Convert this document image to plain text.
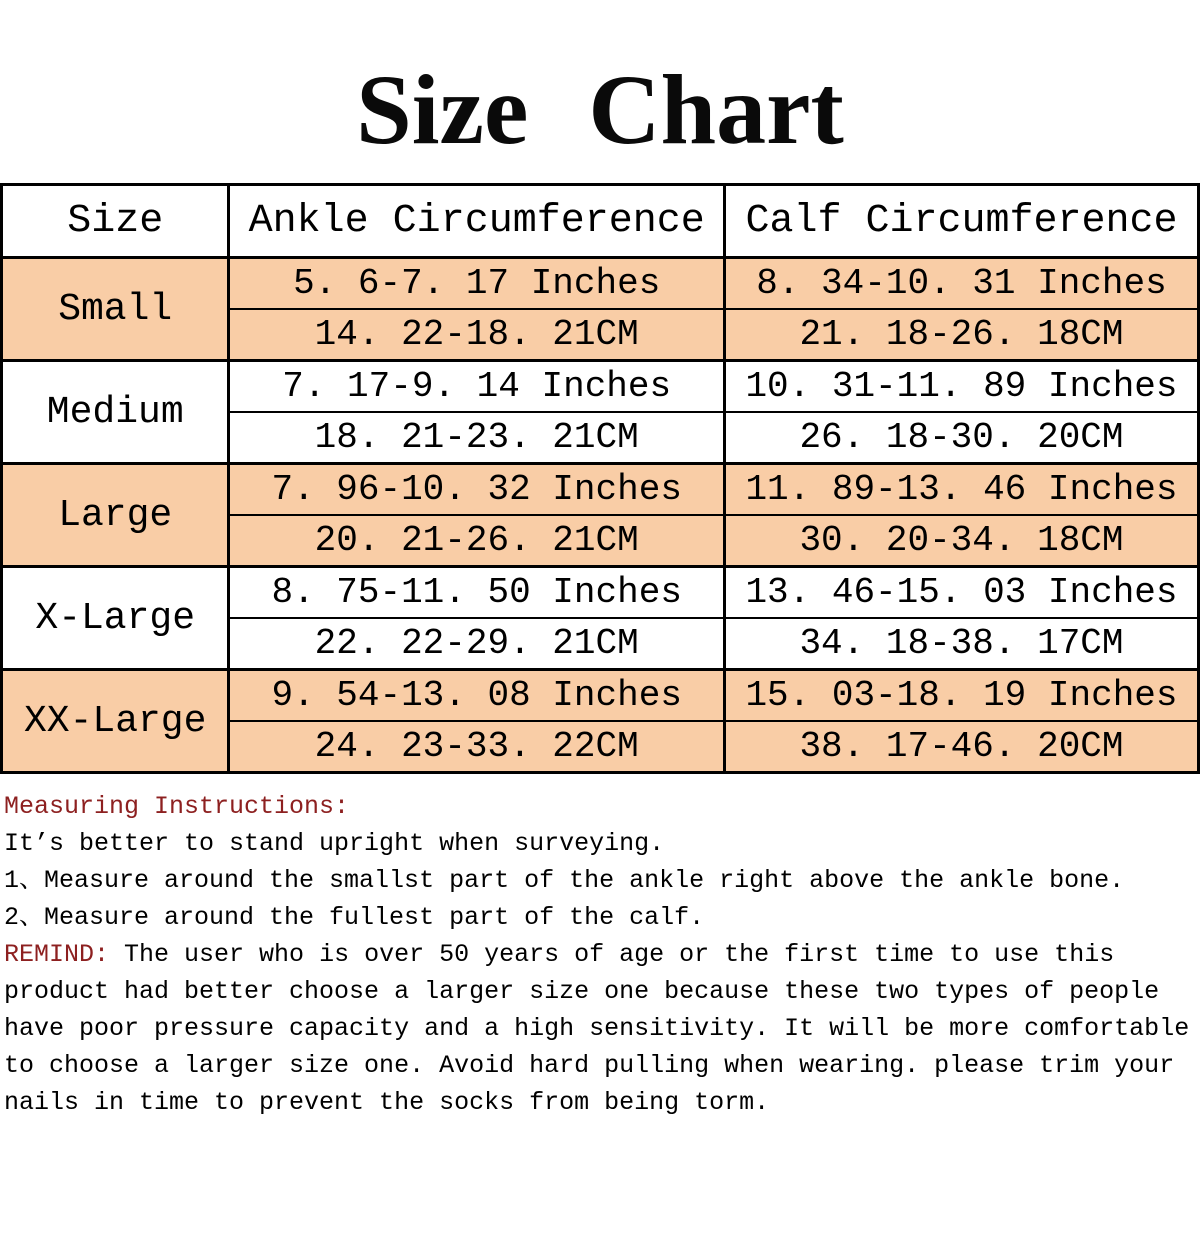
Size Chart
Size	Ankle Circumference	Calf Circumference
Small	5. 6-7. 17 Inches	8. 34-10. 31 Inches
	14. 22-18. 21CM	21. 18-26. 18CM
Medium	7. 17-9. 14 Inches	10. 31-11. 89 Inches
	18. 21-23. 21CM	26. 18-30. 20CM
Large	7. 96-10. 32 Inches	11. 89-13. 46 Inches
	20. 21-26. 21CM	30. 20-34. 18CM
X-Large	8. 75-11. 50 Inches	13. 46-15. 03 Inches
	22. 22-29. 21CM	34. 18-38. 17CM
XX-Large	9. 54-13. 08 Inches	15. 03-18. 19 Inches
	24. 23-33. 22CM	38. 17-46. 20CM

Measuring Instructions:

It’s better to stand upright when surveying.

1、Measure around the smallst part of the ankle right above the ankle bone.

2、Measure around the fullest part of the calf.

REMIND: The user who is over 50 years of age or the first time to use this product had better choose a larger size one because these two types of people have poor pressure capacity and a high sensitivity. It will be more comfortable to choose a larger size one. Avoid hard pulling when wearing. please trim your nails in time to prevent the socks from being torm.
